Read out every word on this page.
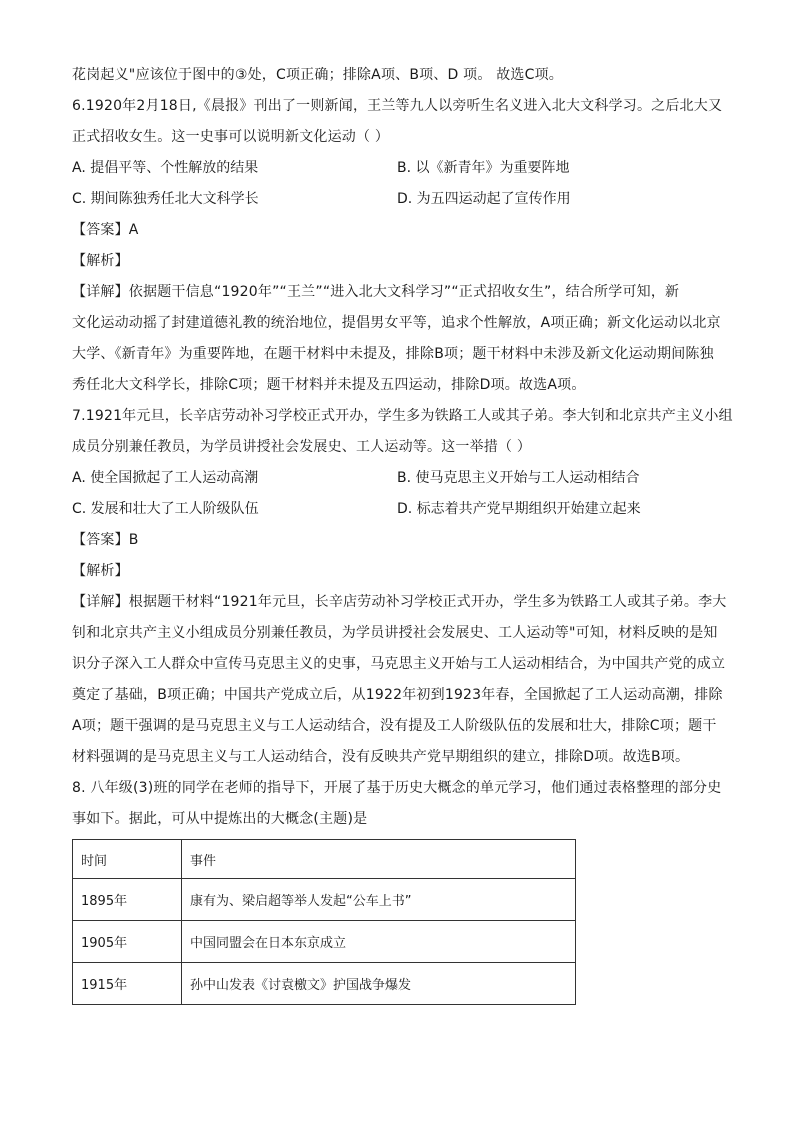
花岗起义"应该位于图中的③处，C项正确；排除A项、B项、D 项。 故选C项。
6.1920年2月18日,《晨报》刊出了一则新闻，王兰等九人以旁听生名义进入北大文科学习。之后北大又
正式招收女生。这一史事可以说明新文化运动（ ）
A. 提倡平等、个性解放的结果	B. 以《新青年》为重要阵地
C. 期间陈独秀任北大文科学长	D. 为五四运动起了宣传作用
【答案】A
【解析】
【详解】依据题干信息“1920年”“王兰”“进入北大文科学习”“正式招收女生”，结合所学可知，新
文化运动动摇了封建道德礼教的统治地位，提倡男女平等，追求个性解放，A项正确；新文化运动以北京
大学、《新青年》为重要阵地，在题干材料中未提及，排除B项；题干材料中未涉及新文化运动期间陈独
秀任北大文科学长，排除C项；题干材料并未提及五四运动，排除D项。故选A项。
7.1921年元旦，长辛店劳动补习学校正式开办，学生多为铁路工人或其子弟。李大钊和北京共产主义小组
成员分别兼任教员，为学员讲授社会发展史、工人运动等。这一举措（ ）
A. 使全国掀起了工人运动高潮	B. 使马克思主义开始与工人运动相结合
C. 发展和壮大了工人阶级队伍	D. 标志着共产党早期组织开始建立起来
【答案】B
【解析】
【详解】根据题干材料“1921年元旦，长辛店劳动补习学校正式开办，学生多为铁路工人或其子弟。李大
钊和北京共产主义小组成员分别兼任教员，为学员讲授社会发展史、工人运动等"可知，材料反映的是知
识分子深入工人群众中宣传马克思主义的史事，马克思主义开始与工人运动相结合，为中国共产党的成立
奠定了基础，B项正确；中国共产党成立后，从1922年初到1923年春，全国掀起了工人运动高潮，排除
A项；题干强调的是马克思主义与工人运动结合，没有提及工人阶级队伍的发展和壮大，排除C项；题干
材料强调的是马克思主义与工人运动结合，没有反映共产党早期组织的建立，排除D项。故选B项。
8. 八年级(3)班的同学在老师的指导下，开展了基于历史大概念的单元学习，他们通过表格整理的部分史
事如下。据此，可从中提炼出的大概念(主题)是
时间	事件
1895年	康有为、梁启超等举人发起“公车上书”
1905年	中国同盟会在日本东京成立
1915年	孙中山发表《讨袁檄文》护国战争爆发
